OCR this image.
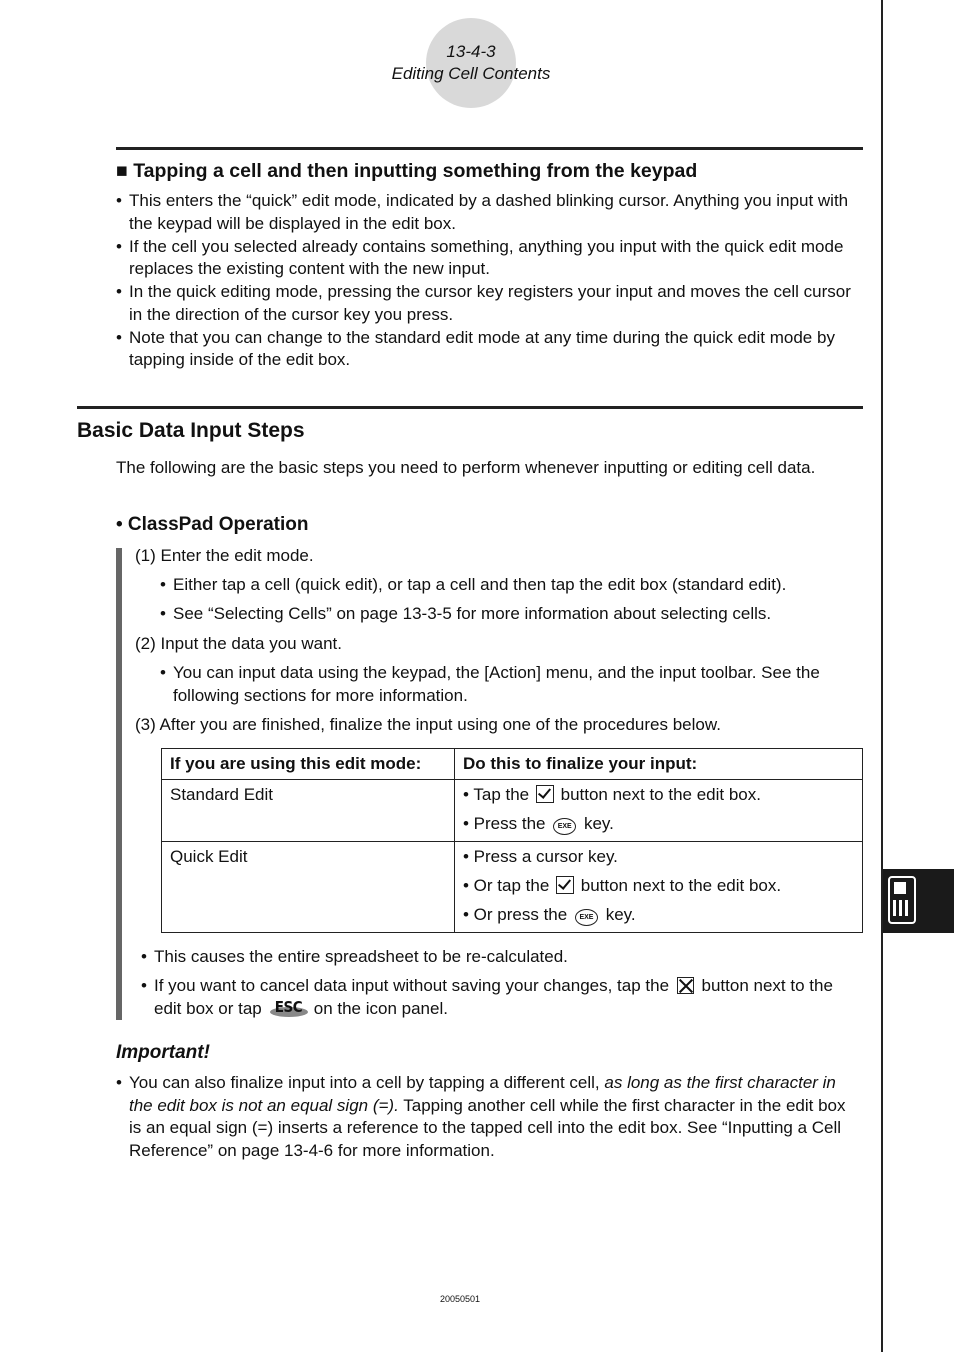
13-4-3
Editing Cell Contents
■ Tapping a cell and then inputting something from the keypad
• This enters the “quick” edit mode, indicated by a dashed blinking cursor. Anything you input with the keypad will be displayed in the edit box.
• If the cell you selected already contains something, anything you input with the quick edit mode replaces the existing content with the new input.
• In the quick editing mode, pressing the cursor key registers your input and moves the cell cursor in the direction of the cursor key you press.
• Note that you can change to the standard edit mode at any time during the quick edit mode by tapping inside of the edit box.
Basic Data Input Steps
The following are the basic steps you need to perform whenever inputting or editing cell data.
• ClassPad Operation
(1) Enter the edit mode.
• Either tap a cell (quick edit), or tap a cell and then tap the edit box (standard edit).
• See “Selecting Cells” on page 13-3-5 for more information about selecting cells.
(2) Input the data you want.
• You can input data using the keypad, the [Action] menu, and the input toolbar. See the following sections for more information.
(3) After you are finished, finalize the input using one of the procedures below.
If you are using this edit mode:	Do this to finalize your input:

Standard Edit	• Tap the button next to the edit box.
• Press the EXE key.

Quick Edit	• Press a cursor key.
• Or tap the button next to the edit box.
• Or press the EXE key.
• This causes the entire spreadsheet to be re-calculated.
• If you want to cancel data input without saving your changes, tap the button next to the edit box or tap ESC on the icon panel.
Important!
• You can also finalize input into a cell by tapping a different cell, as long as the first character in the edit box is not an equal sign (=). Tapping another cell while the first character in the edit box is an equal sign (=) inserts a reference to the tapped cell into the edit box. See “Inputting a Cell Reference” on page 13-4-6 for more information.
20050501
